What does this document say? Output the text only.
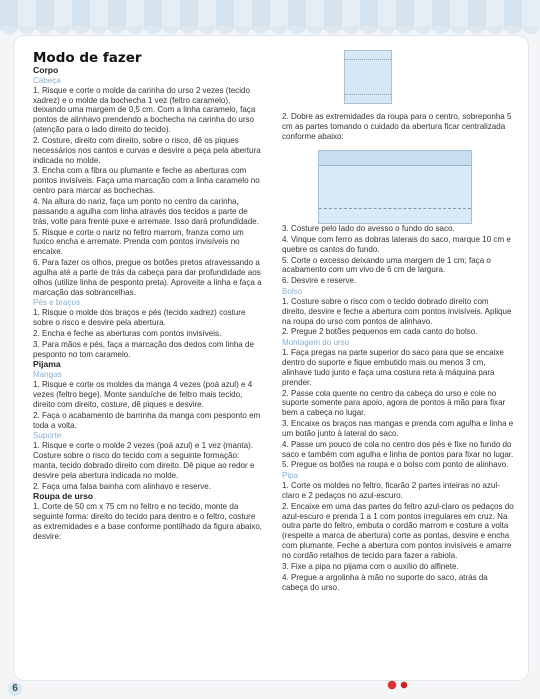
Modo de fazer

Corpo

Cabeça

1. Risque e corte o molde da carinha do urso 2 vezes (tecido xadrez) e o molde da bochecha 1 vez (feltro caramelo), deixando uma margem de 0,5 cm. Com a linha caramelo, faça pontos de alinhavo prendendo a bochecha na carinha do urso (atenção para o lado direito do tecido).

2. Costure, direito com direito, sobre o risco, dê os piques necessários nos cantos e curvas e desvire a peça pela abertura indicada no molde.

3. Encha com a fibra ou plumante e feche as aberturas com pontos invisíveis. Faça uma marcação com a linha caramelo no centro para marcar as bochechas.

4. Na altura do nariz, faça um ponto no centro da carinha, passando a agulha com linha através dos tecidos a parte de trás, volte para frente puxe e arremate. Isso dará profundidade.

5. Risque e corte o nariz no feltro marrom, franza como um fuxico encha e arremate. Prenda com pontos invisíveis no encaixe.

6. Para fazer os olhos, pregue os botões pretos atravessando a agulha até a parte de trás da cabeça para dar profundidade aos olhos (utilize linha de pesponto preta). Aproveite a linha e faça a marcação das sobrancelhas.

Pés e braços

1. Risque o molde dos braços e pés (tecido xadrez) costure sobre o risco e desvire pela abertura.

2. Encha e feche as aberturas com pontos invisíveis.

3. Para mãos e pés, faça a marcação dos dedos com linha de pesponto no tom caramelo.

Pijama

Mangas

1. Risque e corte os moldes da manga 4 vezes (poá azul) e 4 vezes (feltro bege). Monte sanduíche de feltro mais tecido, direito com direito, costure, dê piques e desvire.

2. Faça o acabamento de barrinha da manga com pesponto em toda a volta.

Suporte

1. Risque e corte o molde 2 vezes (poá azul) e 1 vez (manta). Costure sobre o risco do tecido com a seguinte formação: manta, tecido dobrado direito com direito. Dê pique ao redor e desvire pela abertura indicada no molde.

2. Faça uma falsa bainha com alinhavo e reserve.

Roupa de urso

1. Corte de 50 cm x 75 cm no feltro e no tecido, monte da seguinte forma: direito do tecido para dentro e o feltro, costure as extremidades e a base conforme pontilhado da figura abaixo, desvire:

2. Dobre as extremidades da roupa para o centro, sobreponha 5 cm as partes tomando o cuidado da abertura ficar centralizada conforme abaixo:

3. Costure pelo lado do avesso o fundo do saco.

4. Vinque com ferro as dobras laterais do saco, marque 10 cm e quebre os cantos do fundo.

5. Corte o excesso deixando uma margem de 1 cm; faça o acabamento com um vivo de 6 cm de largura.

6. Desvire e reserve.

Bolso

1. Costure sobre o risco com o tecido dobrado direito com direito, desvire e feche a abertura com pontos invisíveis. Aplique na roupa do urso com pontos de alinhavo.

2. Pregue 2 botões pequenos em cada canto do bolso.

Montagem do urso

1. Faça pregas na parte superior do saco para que se encaixe dentro do suporte e fique embutido mais ou menos 3 cm, alinhave tudo junto e faça uma costura reta à máquina para prender.

2. Passe cola quente no centro da cabeça do urso e cole no suporte somente para apoio, agora de pontos à mão para fixar bem a cabeça no lugar.

3. Encaixe os braços nas mangas e prenda com agulha e linha e um botão junto à lateral do saco.

4. Passe um pouco de cola no centro dos pés e fixe no fundo do saco e também com agulha e linha de pontos para fixar no lugar.

5. Pregue os botões na roupa e o bolso com ponto de alinhavo.

Pipa

1. Corte os moldes no feltro, ficarão 2 partes inteiras no azul-claro e 2 pedaços no azul-escuro.

2. Encaixe em uma das partes do feltro azul-claro os pedaços do azul-escuro e prenda 1 a 1 com pontos irregulares em cruz. Na outra parte do feltro, embuta o cordão marrom e costure a volta (respeite a marca de abertura) corte as pontas, desvire e encha com plumante. Feche a abertura com pontos invisíveis e amarre no cordão retalhos de tecido para fazer a rabiola.

3. Fixe a pipa no pijama com o auxílio do alfinete.

4. Pregue a argolinha à mão no suporte do saco, atrás da cabeça do urso.

6
